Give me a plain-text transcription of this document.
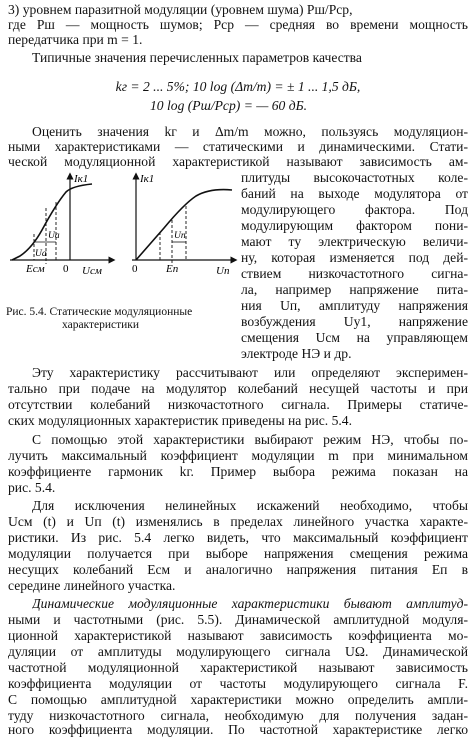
3) уровнем паразитной модуляции (уровнем шума) Pш/Pср,
где Pш — мощность шумов; Pср — средняя во времени мощность
передатчика при m = 1.
Типичные значения перечисленных параметров качества
kг = 2 ... 5%; 10 log (Δm/m) = ± 1 ... 1,5 дБ,
10 log (Pш/Pср) = — 60 дБ.
Оценить значения kг и Δm/m можно, пользуясь модуляцион-
ными характеристиками — статическими и динамическими. Стати-
ческой модуляционной характеристикой называют зависимость ам-
плитуды высокочастотных коле-
баний на выходе модулятора от
модулирующего фактора. Под
модулирующим фактором пони-
мают ту электрическую величи-
ну, которая изменяется под дей-
ствием низкочастотного сигна-
ла, например напряжение пита-
ния Uп, амплитуду напряжения
возбуждения Uу1, напряжение
смещения Uсм на управляющем
электроде НЭ и др.
Iк1
Uсм
0
Eсм
Uа
Uа
Iк1
Uп
0	Eп
Uп
Рис. 5.4. Статические модуляционные
характеристики
Эту характеристику рассчитывают или определяют эксперимен-
тально при подаче на модулятор колебаний несущей частоты и при
отсутствии колебаний низкочастотного сигнала. Примеры статиче-
ских модуляционных характеристик приведены на рис. 5.4.
С помощью этой характеристики выбирают режим НЭ, чтобы по-
лучить максимальный коэффициент модуляции m при минимальном
коэффициенте гармоник kг. Пример выбора режима показан на
рис. 5.4.
Для исключения нелинейных искажений необходимо, чтобы
Uсм (t) и Uп (t) изменялись в пределах линейного участка характе-
ристики. Из рис. 5.4 легко видеть, что максимальный коэффициент
модуляции получается при выборе напряжения смещения режима
несущих колебаний Eсм и аналогично напряжения питания Eп в
середине линейного участка.
Динамические модуляционные характеристики бывают амплитуд-
ными и частотными (рис. 5.5). Динамической амплитудной модуля-
ционной характеристикой называют зависимость коэффициента мо-
дуляции от амплитуды модулирующего сигнала UΩ. Динамической
частотной модуляционной характеристикой называют зависимость
коэффициента модуляции от частоты модулирующего сигнала F.
С помощью амплитудной характеристики можно определить ампли-
туду низкочастотного сигнала, необходимую для получения задан-
ного коэффициента модуляции. По частотной характеристике легко
